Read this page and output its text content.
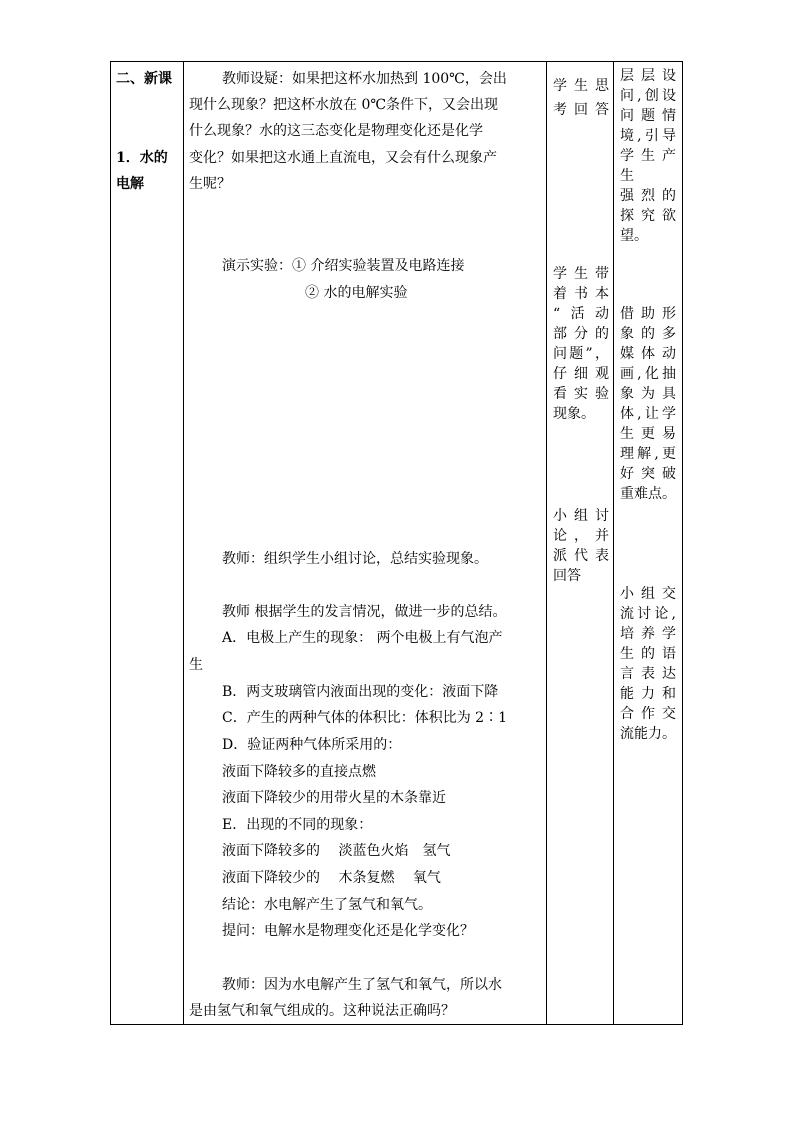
二、新课
1．水的
电解
教师设疑：如果把这杯水加热到 100℃，会出
现什么现象？把这杯水放在 0℃条件下，又会出现
什么现象？水的这三态变化是物理变化还是化学
变化？如果把这水通上直流电，又会有什么现象产
生呢？
演示实验：① 介绍实验装置及电路连接
② 水的电解实验
教师：组织学生小组讨论，总结实验现象。
教师 根据学生的发言情况，做进一步的总结。
A．电极上产生的现象： 两个电极上有气泡产
生
B．两支玻璃管内液面出现的变化：液面下降
C．产生的两种气体的体积比：体积比为 2∶1
D．验证两种气体所采用的：
液面下降较多的直接点燃
液面下降较少的用带火星的木条靠近
E．出现的不同的现象：
液面下降较多的　 淡蓝色火焰　氢气
液面下降较少的　 木条复燃　 氧气
结论：水电解产生了氢气和氧气。
提问：电解水是物理变化还是化学变化？
教师：因为水电解产生了氢气和氧气，所以水
是由氢气和氧气组成的。这种说法正确吗？
学生思
考回答
学生带
着书本
“活动
部分的
问题”，
仔细观
看实验
现象。
小组讨
论，并
派代表
回答
层层设
问,创设
问题情
境,引导
学生产
生
强烈的
探究欲
望。
借助形
象的多
媒体动
画,化抽
象为具
体,让学
生更易
理解,更
好突破
重难点。
小组交
流讨论,
培养学
生的语
言表达
能力和
合作交
流能力。
